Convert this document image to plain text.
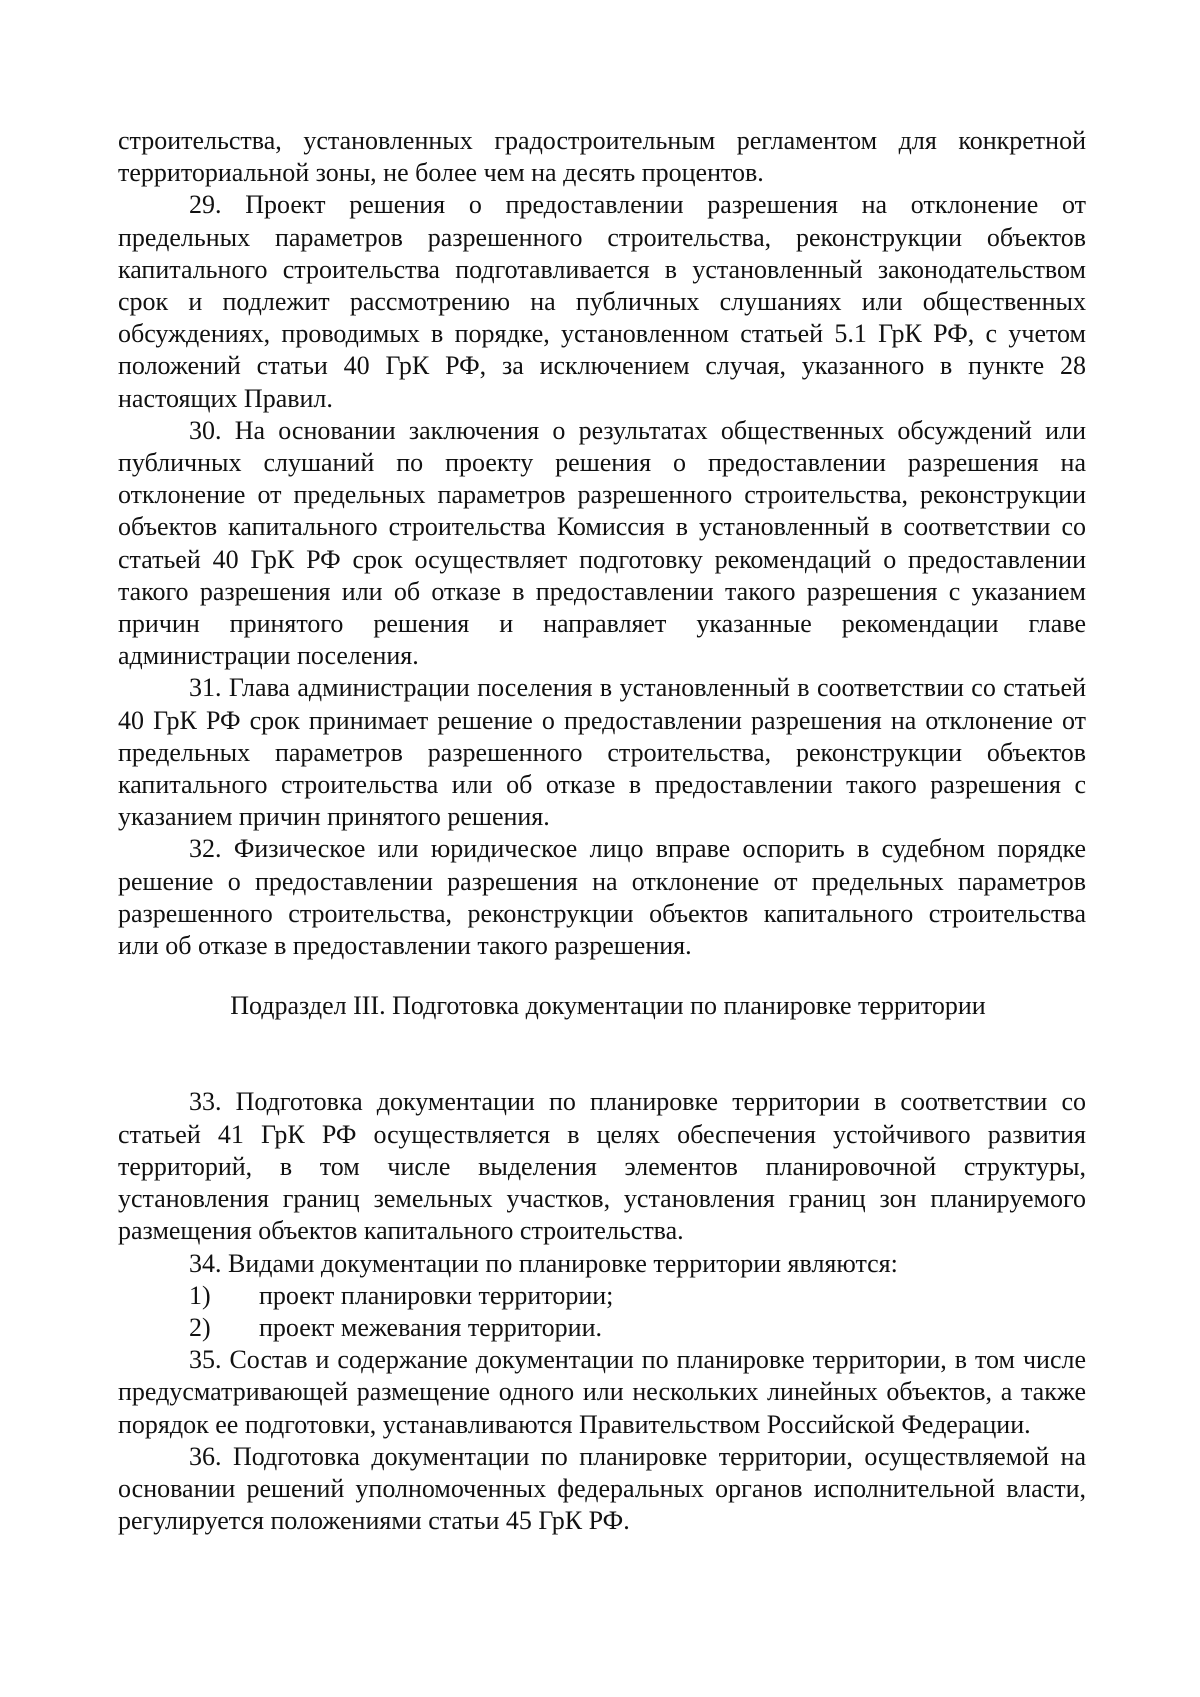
строительства, установленных градостроительным регламентом для конкретной территориальной зоны, не более чем на десять процентов.

29. Проект решения о предоставлении разрешения на отклонение от предельных параметров разрешенного строительства, реконструкции объектов капитального строительства подготавливается в установленный законодательством срок и подлежит рассмотрению на публичных слушаниях или общественных обсуждениях, проводимых в порядке, установленном статьей 5.1 ГрК РФ, с учетом положений статьи 40 ГрК РФ, за исключением случая, указанного в пункте 28 настоящих Правил.

30. На основании заключения о результатах общественных обсуждений или публичных слушаний по проекту решения о предоставлении разрешения на отклонение от предельных параметров разрешенного строительства, реконструкции объектов капитального строительства Комиссия в установленный в соответствии со статьей 40 ГрК РФ срок осуществляет подготовку рекомендаций о предоставлении такого разрешения или об отказе в предоставлении такого разрешения с указанием причин принятого решения и направляет указанные рекомендации главе администрации поселения.

31. Глава администрации поселения в установленный в соответствии со статьей 40 ГрК РФ срок принимает решение о предоставлении разрешения на отклонение от предельных параметров разрешенного строительства, реконструкции объектов капитального строительства или об отказе в предоставлении такого разрешения с указанием причин принятого решения.

32. Физическое или юридическое лицо вправе оспорить в судебном порядке решение о предоставлении разрешения на отклонение от предельных параметров разрешенного строительства, реконструкции объектов капитального строительства или об отказе в предоставлении такого разрешения.

Подраздел III. Подготовка документации по планировке территории

33. Подготовка документации по планировке территории в соответствии со статьей 41 ГрК РФ осуществляется в целях обеспечения устойчивого развития территорий, в том числе выделения элементов планировочной структуры, установления границ земельных участков, установления границ зон планируемого размещения объектов капитального строительства.

34. Видами документации по планировке территории являются:

1)	проект планировки территории;
2)	проект межевания территории.

35. Состав и содержание документации по планировке территории, в том числе предусматривающей размещение одного или нескольких линейных объектов, а также порядок ее подготовки, устанавливаются Правительством Российской Федерации.

36. Подготовка документации по планировке территории, осуществляемой на основании решений уполномоченных федеральных органов исполнительной власти, регулируется положениями статьи 45 ГрК РФ.
